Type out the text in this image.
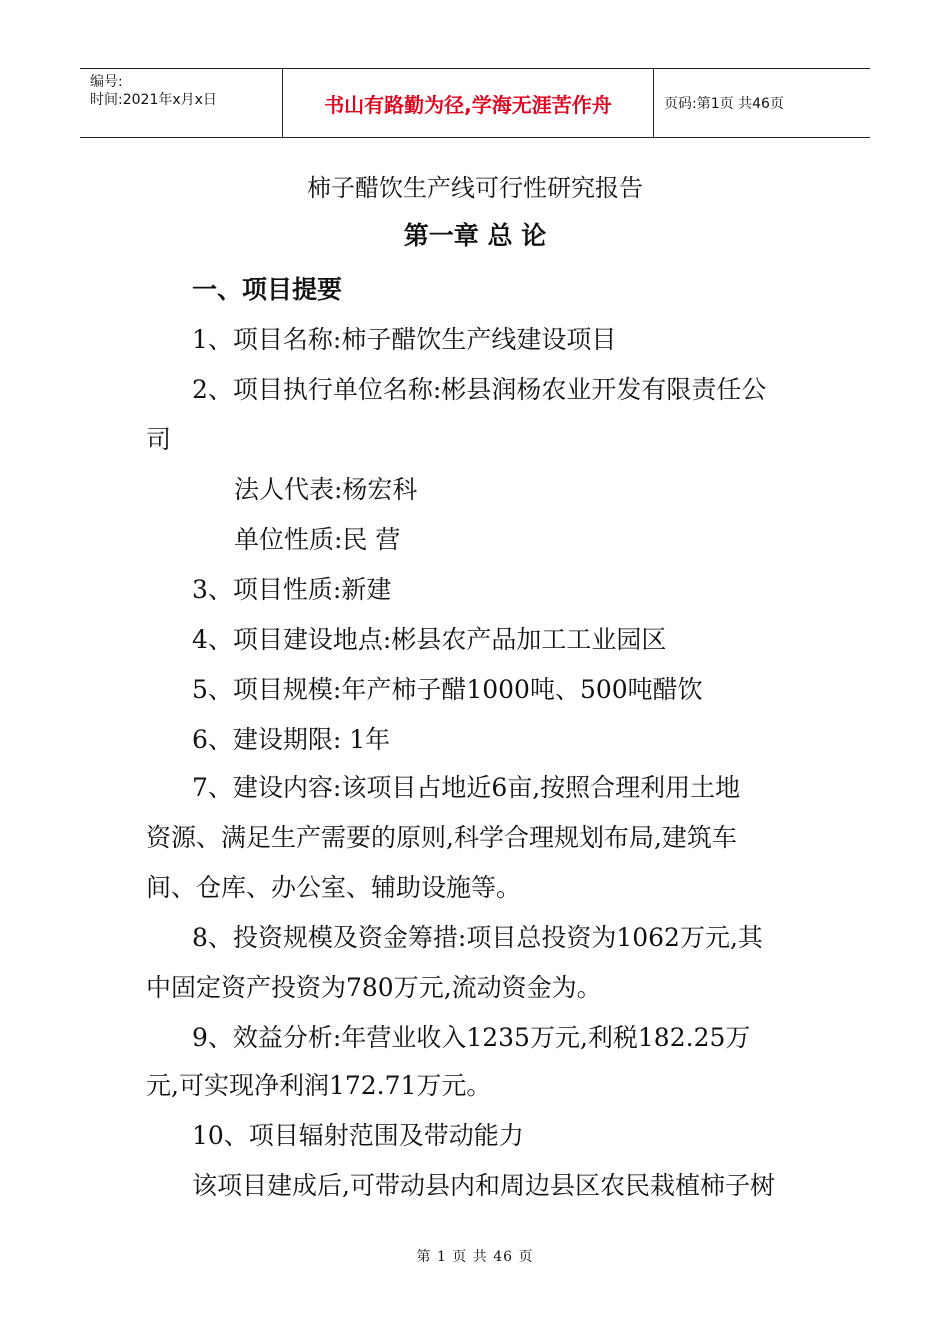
编号:
时间:2021年x月x日	书山有路勤为径,学海无涯苦作舟	页码:第1页 共46页
柿子醋饮生产线可行性研究报告
第一章 总 论
一、项目提要
1、项目名称:柿子醋饮生产线建设项目
2、项目执行单位名称:彬县润杨农业开发有限责任公
司
法人代表:杨宏科
单位性质:民 营
3、项目性质:新建
4、项目建设地点:彬县农产品加工工业园区
5、项目规模:年产柿子醋1000吨、500吨醋饮
6、建设期限: 1年
7、建设内容:该项目占地近6亩,按照合理利用土地
资源、满足生产需要的原则,科学合理规划布局,建筑车
间、仓库、办公室、辅助设施等。
8、投资规模及资金筹措:项目总投资为1062万元,其
中固定资产投资为780万元,流动资金为。
9、效益分析:年营业收入1235万元,利税182.25万
元,可实现净利润172.71万元。
10、项目辐射范围及带动能力
该项目建成后,可带动县内和周边县区农民栽植柿子树
第 1 页 共 46 页
